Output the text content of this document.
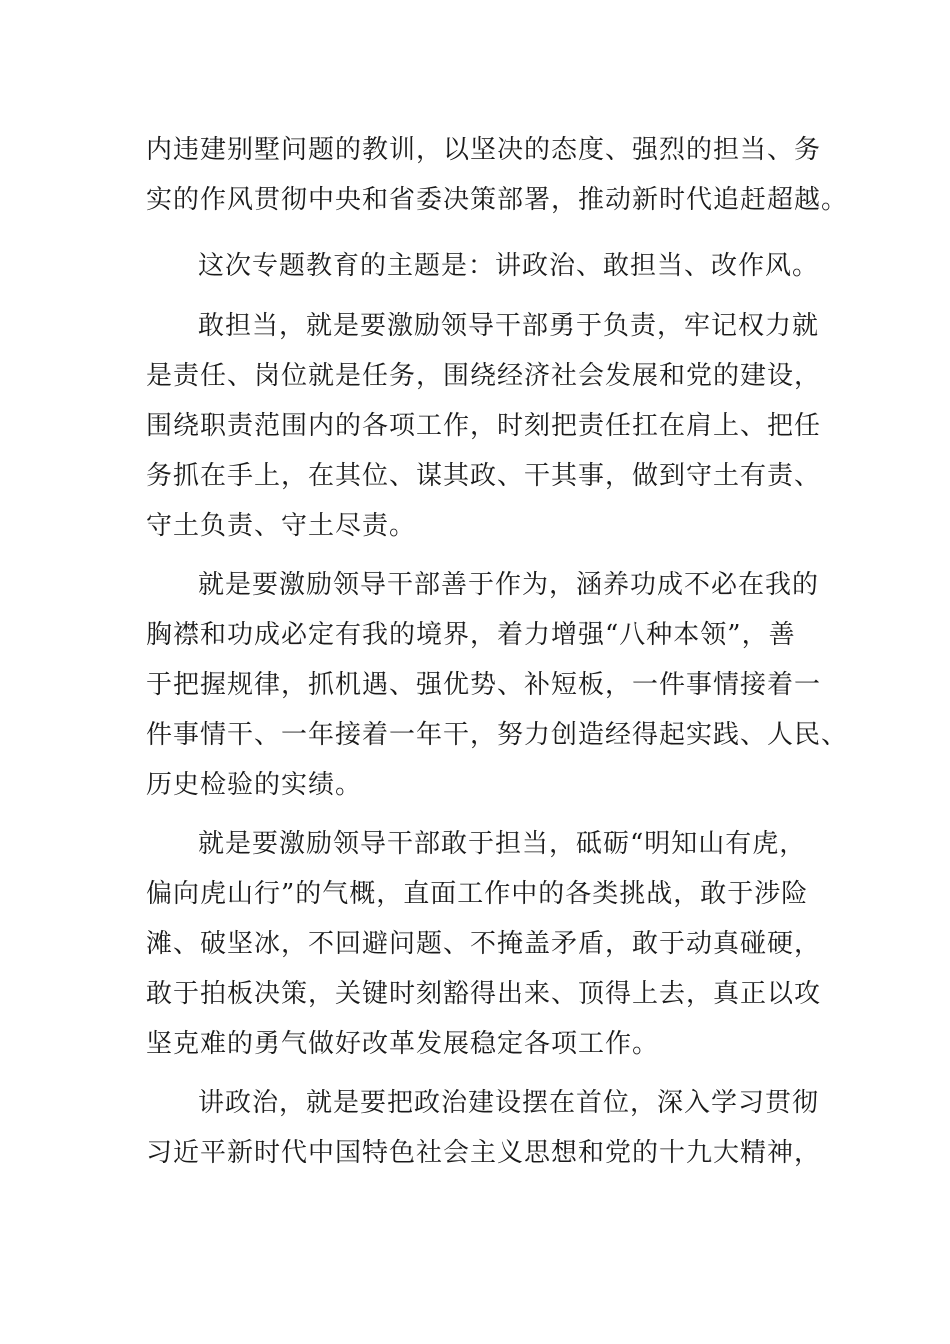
内违建别墅问题的教训，以坚决的态度、强烈的担当、务
实的作风贯彻中央和省委决策部署，推动新时代追赶超越。
这次专题教育的主题是：讲政治、敢担当、改作风。
敢担当，就是要激励领导干部勇于负责，牢记权力就
是责任、岗位就是任务，围绕经济社会发展和党的建设，
围绕职责范围内的各项工作，时刻把责任扛在肩上、把任
务抓在手上，在其位、谋其政、干其事，做到守土有责、
守土负责、守土尽责。
就是要激励领导干部善于作为，涵养功成不必在我的
胸襟和功成必定有我的境界，着力增强“八种本领”，善
于把握规律，抓机遇、强优势、补短板，一件事情接着一
件事情干、一年接着一年干，努力创造经得起实践、人民、
历史检验的实绩。
就是要激励领导干部敢于担当，砥砺“明知山有虎，
偏向虎山行”的气概，直面工作中的各类挑战，敢于涉险
滩、破坚冰，不回避问题、不掩盖矛盾，敢于动真碰硬，
敢于拍板决策，关键时刻豁得出来、顶得上去，真正以攻
坚克难的勇气做好改革发展稳定各项工作。
讲政治，就是要把政治建设摆在首位，深入学习贯彻
习近平新时代中国特色社会主义思想和党的十九大精神，
